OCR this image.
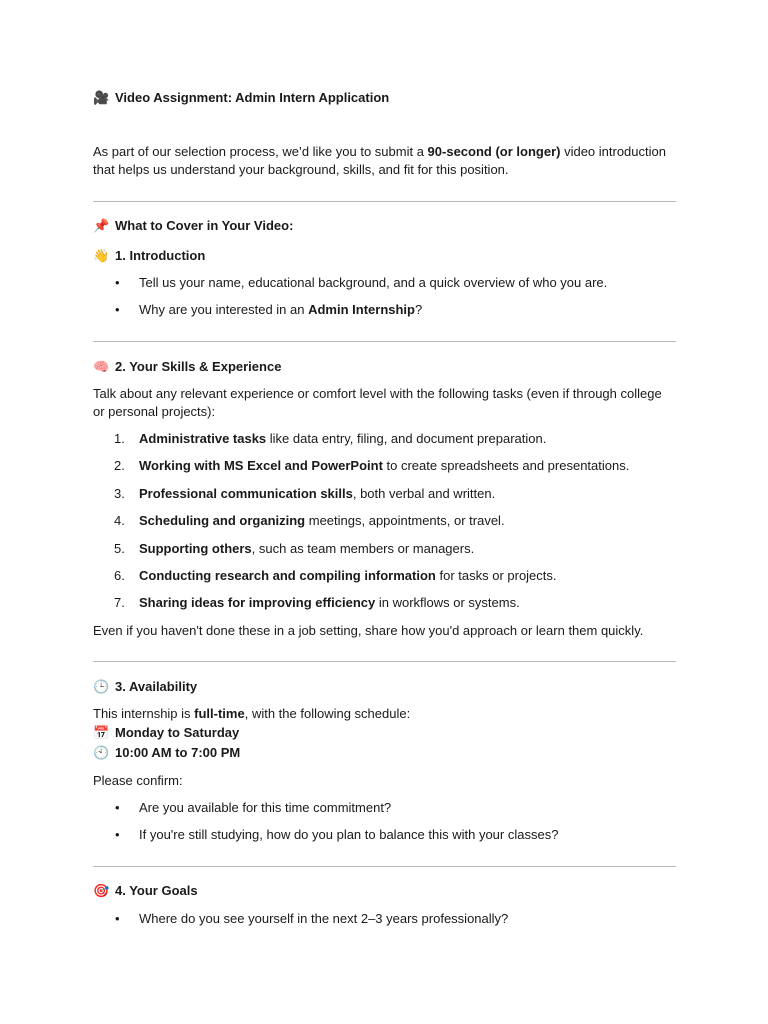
🎥 Video Assignment: Admin Intern Application
As part of our selection process, we’d like you to submit a 90-second (or longer) video introduction
that helps us understand your background, skills, and fit for this position.
📌 What to Cover in Your Video:
👋 1. Introduction
• Tell us your name, educational background, and a quick overview of who you are.
• Why are you interested in an Admin Internship?
🧠 2. Your Skills & Experience
Talk about any relevant experience or comfort level with the following tasks (even if through college
or personal projects):
1. Administrative tasks like data entry, filing, and document preparation.
2. Working with MS Excel and PowerPoint to create spreadsheets and presentations.
3. Professional communication skills, both verbal and written.
4. Scheduling and organizing meetings, appointments, or travel.
5. Supporting others, such as team members or managers.
6. Conducting research and compiling information for tasks or projects.
7. Sharing ideas for improving efficiency in workflows or systems.
Even if you haven't done these in a job setting, share how you'd approach or learn them quickly.
🕒 3. Availability
This internship is full-time, with the following schedule:
📅 Monday to Saturday
🕙 10:00 AM to 7:00 PM
Please confirm:
• Are you available for this time commitment?
• If you're still studying, how do you plan to balance this with your classes?
🎯 4. Your Goals
• Where do you see yourself in the next 2–3 years professionally?
